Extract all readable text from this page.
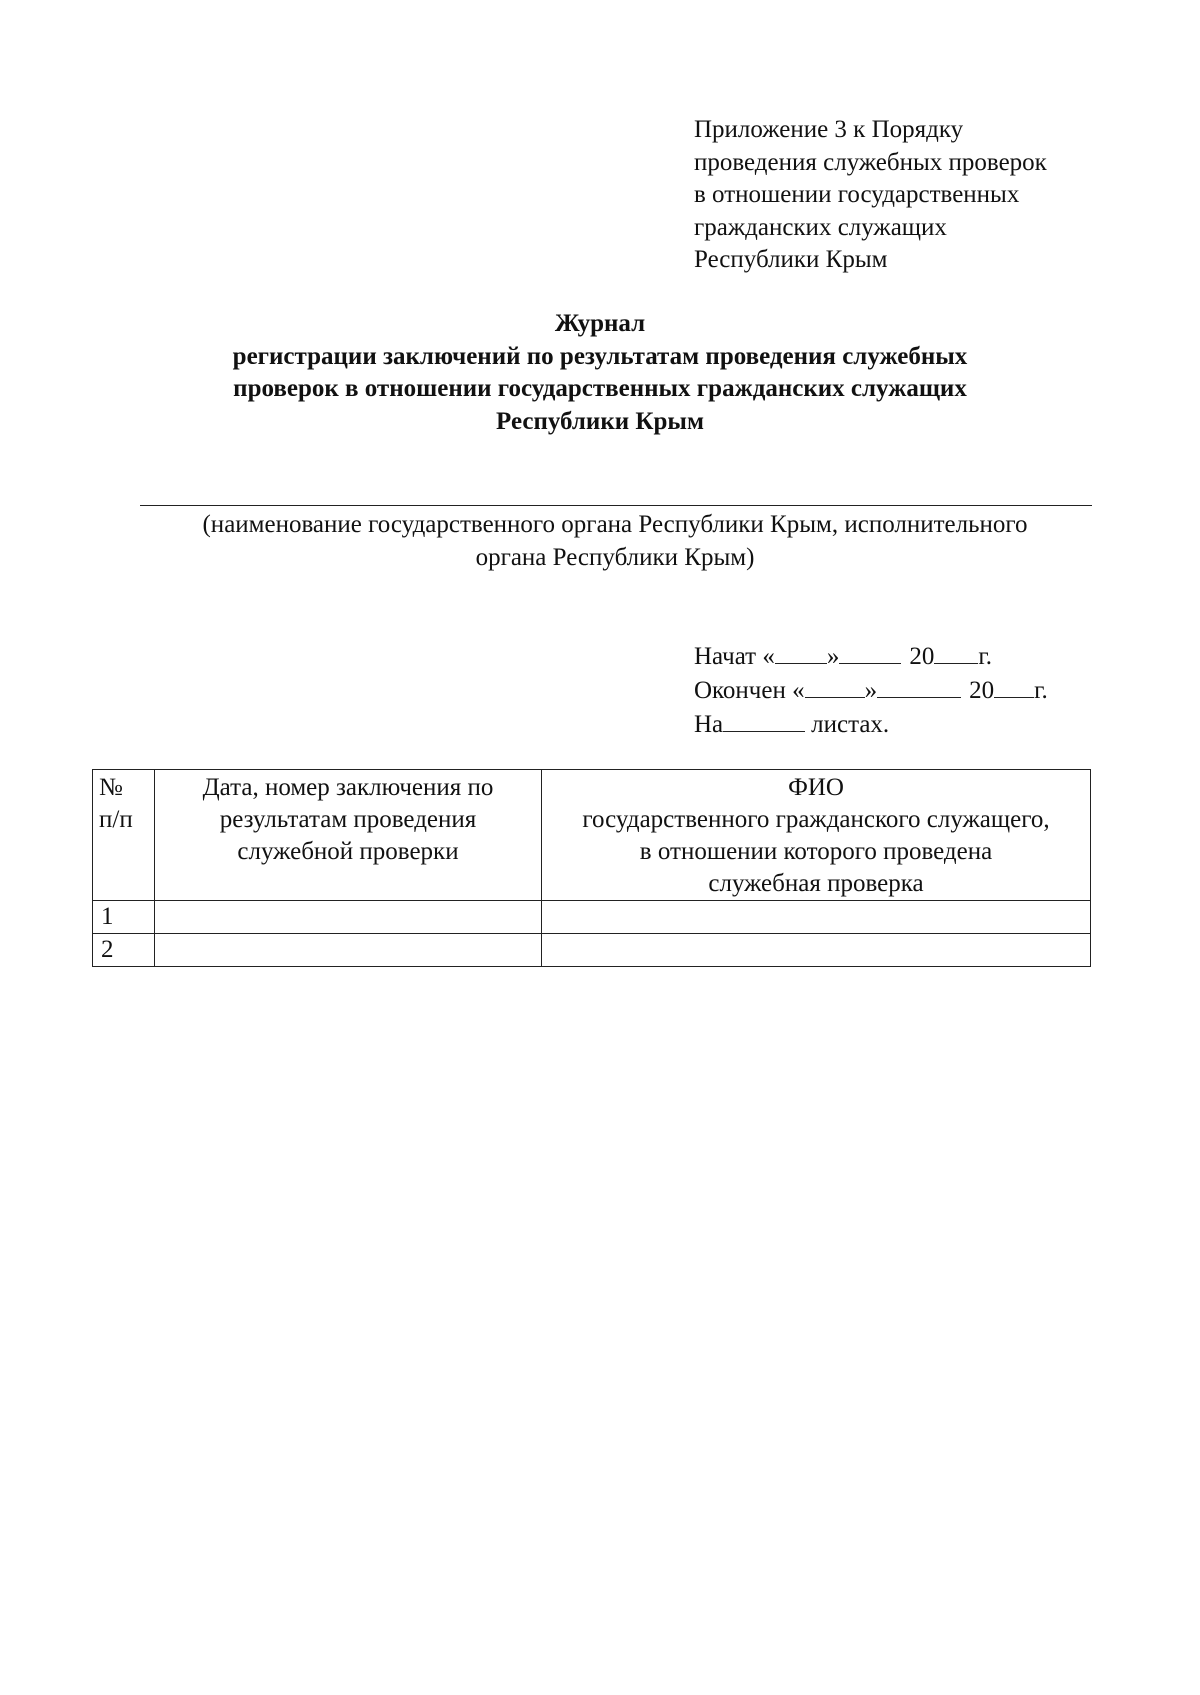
Приложение 3 к Порядку
проведения служебных проверок
в отношении государственных
гражданских служащих
Республики Крым
Журнал
регистрации заключений по результатам проведения служебных
проверок в отношении государственных гражданских служащих
Республики Крым
(наименование государственного органа Республики Крым, исполнительного
органа Республики Крым)
Начат « »	20 г.
Окончен « »	20 г.
На	листах.
№
п/п	Дата, номер заключения по
результатам проведения
служебной проверки	ФИО
государственного гражданского служащего,
в отношении которого проведена
служебная проверка

1		
2		
